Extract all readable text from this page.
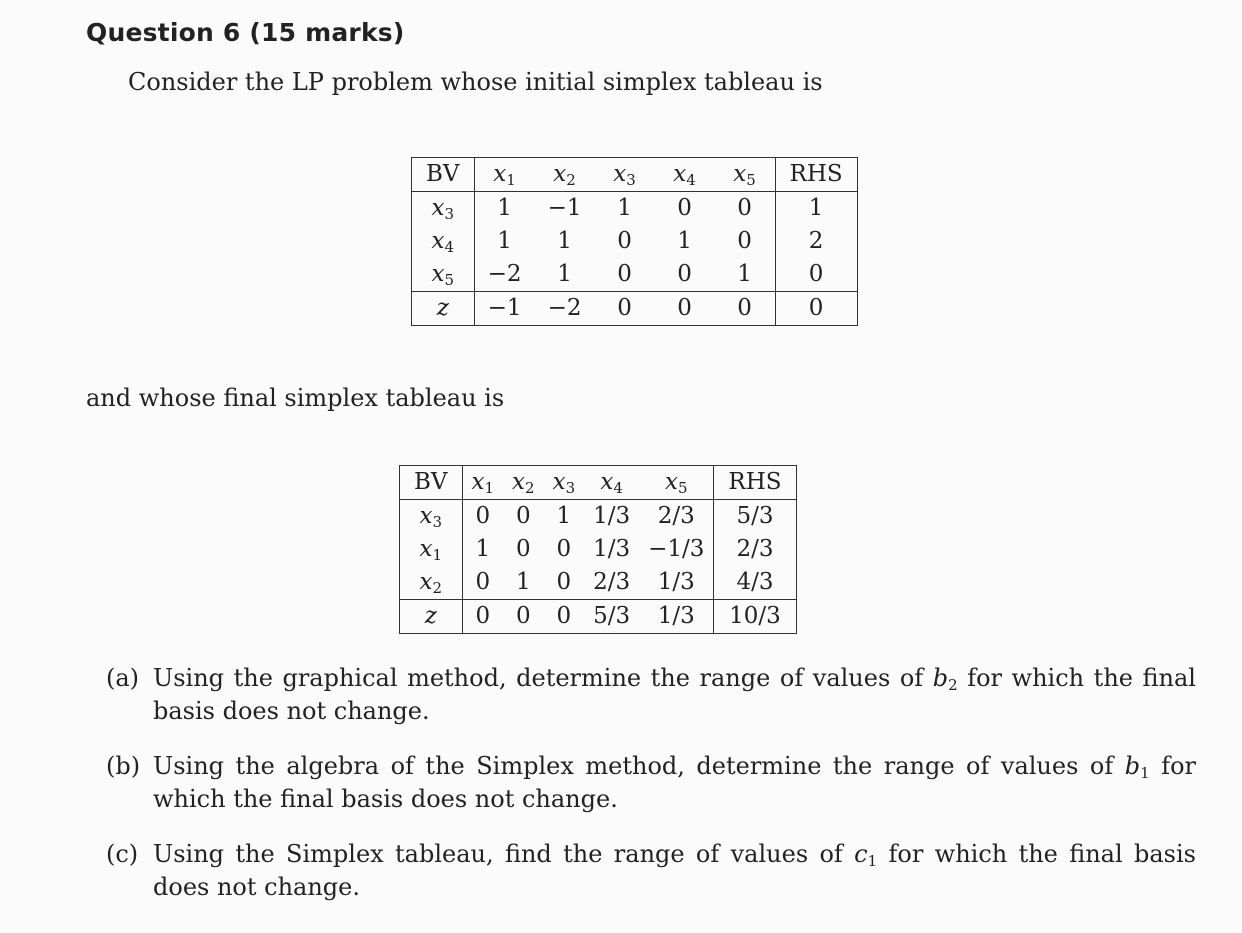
Question 6 (15 marks)
Consider the LP problem whose initial simplex tableau is
BV	$x_1$	$x_2$	$x_3$	$x_4$	$x_5$	RHS
$x_3$	1	−1	1	0	0	1
$x_4$	1	1	0	1	0	2
$x_5$	−2	1	0	0	1	0
z	−1	−2	0	0	0	0
and whose final simplex tableau is
BV	$x_1$	$x_2$	$x_3$	$x_4$	$x_5$	RHS
$x_3$	0	0	1	1/3	2/3	5/3
$x_1$	1	0	0	1/3	−1/3	2/3
$x_2$	0	1	0	2/3	1/3	4/3
z	0	0	0	5/3	1/3	10/3
(a) Using the graphical method, determine the range of values of $b_2$ for which the final basis does not change.
(b) Using the algebra of the Simplex method, determine the range of values of $b_1$ for which the final basis does not change.
(c) Using the Simplex tableau, find the range of values of $c_1$ for which the final basis does not change.
